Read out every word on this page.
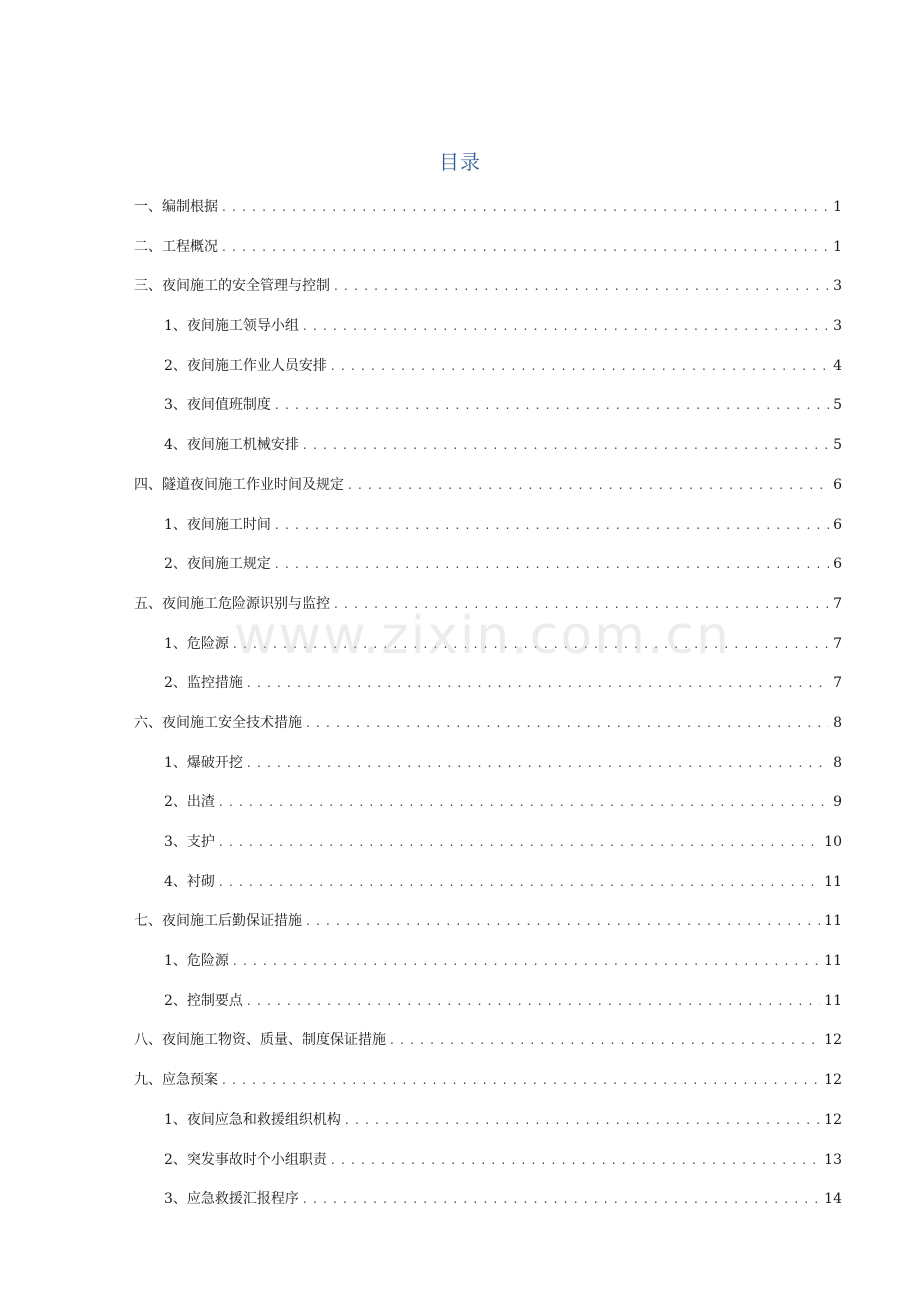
目录
一、编制根据 . . .	1
二、工程概况 . . .	1
三、夜间施工的安全管理与控制 . . .	3
1、夜间施工领导小组 . . .	3
2、夜间施工作业人员安排 . . .	4
3、夜间值班制度 . . .	5
4、夜间施工机械安排 . . .	5
四、隧道夜间施工作业时间及规定 . . .	6
1、夜间施工时间 . . .	6
2、夜间施工规定 . . .	6
五、夜间施工危险源识别与监控 . . .	7
1、危险源 . . .	7
2、监控措施 . . .	7
六、夜间施工安全技术措施 . . .	8
1、爆破开挖 . . .	8
2、出渣 . . .	9
3、支护 . . .	10
4、衬砌 . . .	11
七、夜间施工后勤保证措施 . . .	11
1、危险源 . . .	11
2、控制要点 . . .	11
八、夜间施工物资、质量、制度保证措施 . . .	12
九、应急预案 . . .	12
1、夜间应急和救援组织机构 . . .	12
2、突发事故时个小组职责 . . .	13
3、应急救援汇报程序 . . .	14
www.zixin.com.cn
